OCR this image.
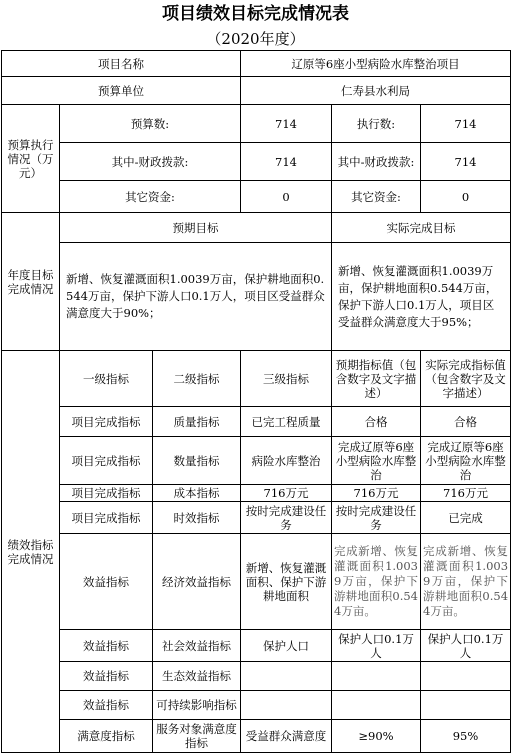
项目绩效目标完成情况表
（2020年度）
项目名称			辽原等6座小型病险水库整治项目		
预算单位			仁寿县水利局		
预算执行情况（万元）	预算数:		714	执行数:	714
	其中-财政拨款:		714	其中-财政拨款:	714
	其它资金:		0	其它资金:	0
年度目标完成情况	预期目标			实际完成目标	
	新增、恢复灌溉面积1.0039万亩，保护耕地面积0.544万亩，保护下游人口0.1万人，项目区受益群众满意度大于90%；			新增、恢复灌溉面积1.0039万亩，保护耕地面积0.544万亩，保护下游人口0.1万人，项目区受益群众满意度大于95%；	
绩效指标完成情况	一级指标	二级指标	三级指标	预期指标值（包含数字及文字描述）	实际完成指标值（包含数字及文字描述）
	项目完成指标	质量指标	已完工程质量	合格	合格
	项目完成指标	数量指标	病险水库整治	完成辽原等6座小型病险水库整治	完成辽原等6座小型病险水库整治
	项目完成指标	成本指标	716万元	716万元	716万元
	项目完成指标	时效指标	按时完成建设任务	按时完成建设任务	已完成
	效益指标	经济效益指标	新增、恢复灌溉面积、保护下游耕地面积	完成新增、恢复灌溉面积1.0039万亩，保护下游耕地面积0.544万亩。	完成新增、恢复灌溉面积1.0039万亩，保护下游耕地面积0.544万亩。
	效益指标	社会效益指标	保护人口	保护人口0.1万人	保护人口0.1万人
	效益指标	生态效益指标			
	效益指标	可持续影响指标			
	满意度指标	服务对象满意度指标	受益群众满意度	≥90%	95%
